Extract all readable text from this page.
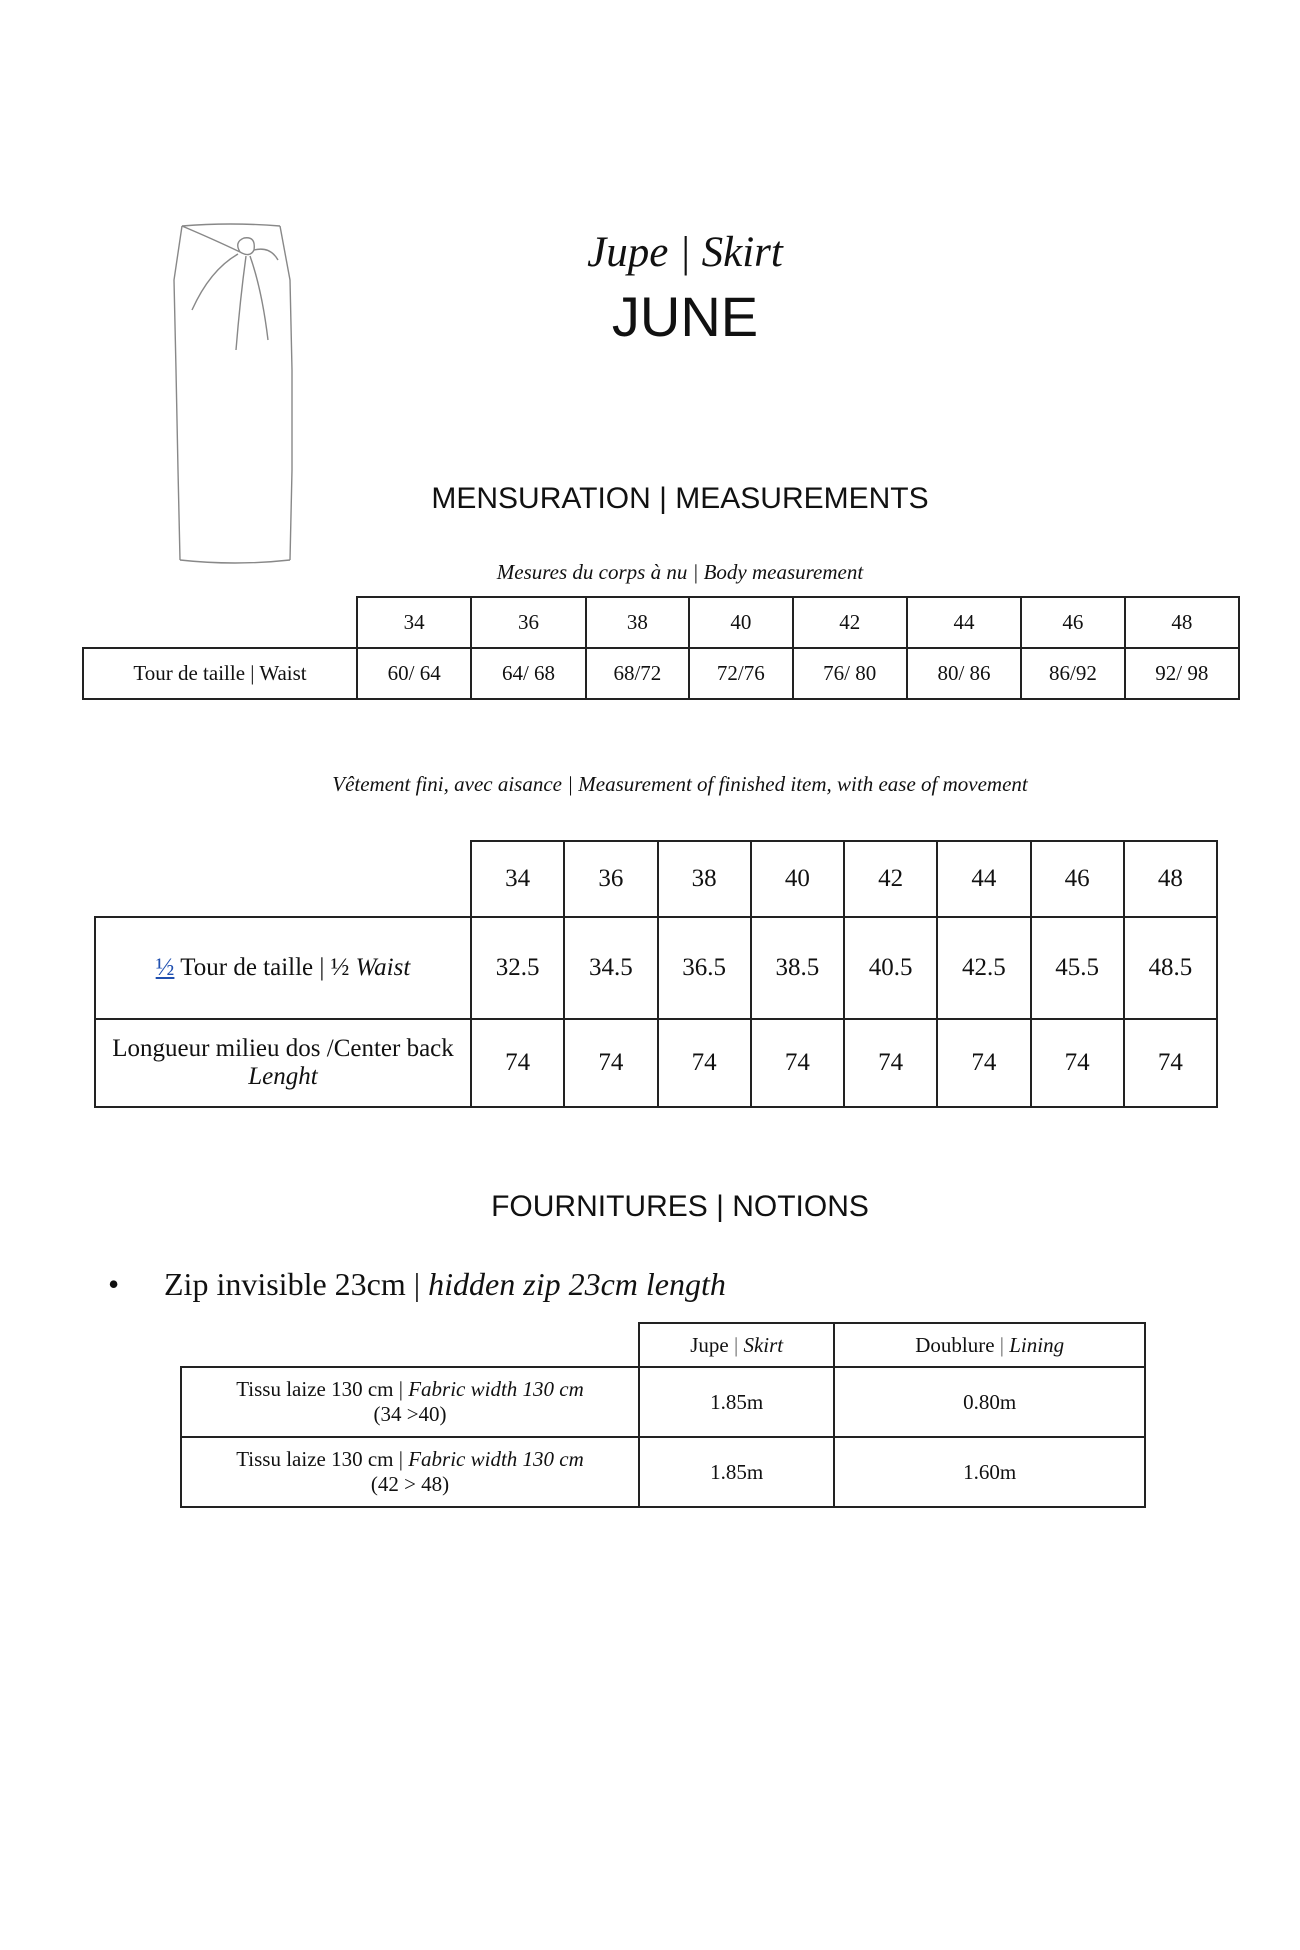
Jupe | Skirt
JUNE
MENSURATION | MEASUREMENTS
Mesures du corps à nu | Body measurement
	34	36	38	40	42	44	46	48
Tour de taille | Waist	60/ 64	64/ 68	68/72	72/76	76/ 80	80/ 86	86/92	92/ 98
Vêtement fini, avec aisance | Measurement of finished item, with ease of movement
	34	36	38	40	42	44	46	48
½ Tour de taille | ½ Waist	32.5	34.5	36.5	38.5	40.5	42.5	45.5	48.5
Longueur milieu dos /Center back Lenght	74	74	74	74	74	74	74	74
FOURNITURES | NOTIONS
• Zip invisible 23cm | hidden zip 23cm length
	Jupe | Skirt	Doublure | Lining
Tissu laize 130 cm | Fabric width 130 cm
(34 >40)	1.85m	0.80m
Tissu laize 130 cm | Fabric width 130 cm
(42 > 48)	1.85m	1.60m
